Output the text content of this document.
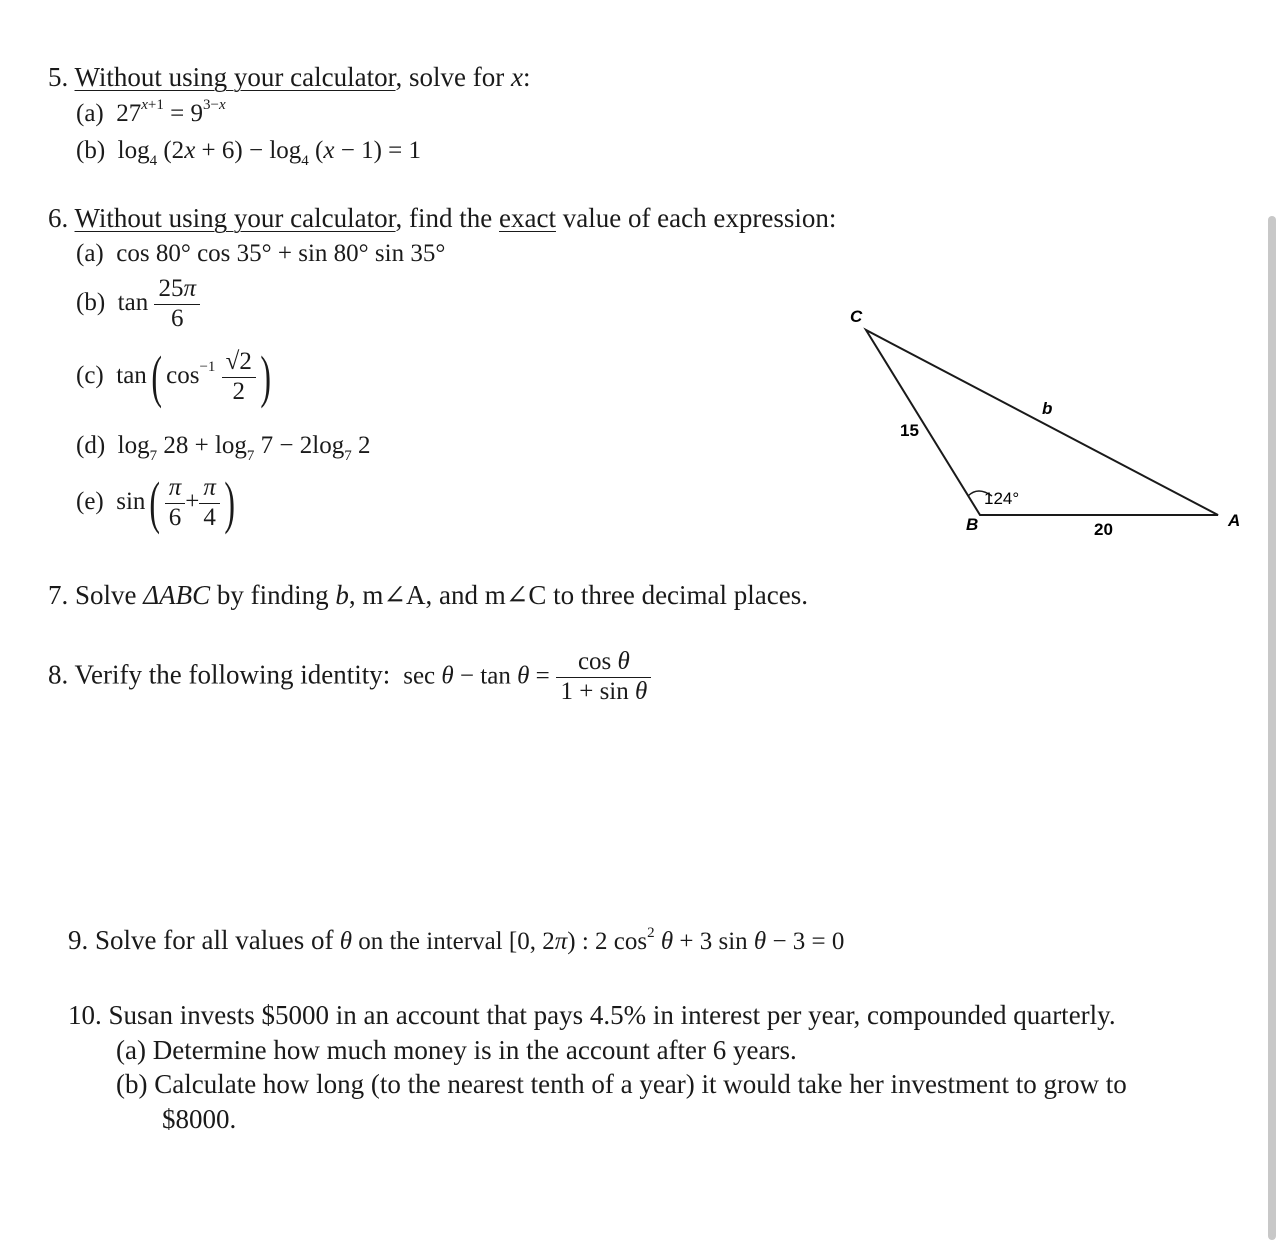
5. Without using your calculator, solve for x:
(a)  $27^{x+1} = 9^{3-x}$
(b)  $\log_4 (2x + 6) - \log_4 (x - 1) = 1$
6. Without using your calculator, find the exact value of each expression:
(a)  cos 80° cos 35° + sin 80° sin 35°
(b)  $\tan \frac{25\pi}{6}$
(c)  tan( $\cos^{-1} \frac{√2}{2}$ )
(d)  $\log_7 28 + \log_7 7 - 2\log_7$ 2
(e)  $\sin( \frac{\pi}{6} + \frac{\pi}{4}$ )
C
B	A
15
b
20
124°
7. Solve ΔABC by finding b, m∠A, and m∠C to three decimal places.
8. Verify the following identity:  $\sec \theta - \tan \theta = \frac{\text{cos θ}}{\text{1 + sin θ}}$
9. Solve for all values of θ on the interval [0, 2π) : 2 $\cos^2 \theta + 3$ sin θ − 3 = 0
10. Susan invests $5000 in an account that pays 4.5% in interest per year, compounded quarterly.
(a) Determine how much money is in the account after 6 years.
(b) Calculate how long (to the nearest tenth of a year) it would take her investment to grow to
$8000.
